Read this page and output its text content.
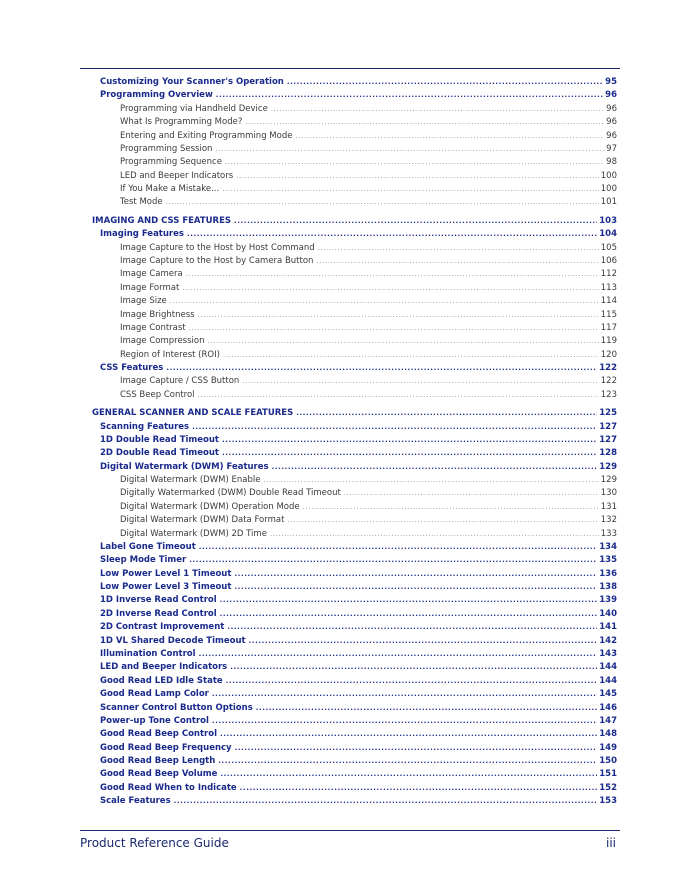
Customizing Your Scanner's Operation .....	95
Programming Overview .....	96
Programming via Handheld Device .....	96
What Is Programming Mode? .....	96
Entering and Exiting Programming Mode .....	96
Programming Session .....	97
Programming Sequence .....	98
LED and Beeper Indicators .....	100
If You Make a Mistake... .....	100
Test Mode .....	101
IMAGING AND CSS FEATURES .....	103
Imaging Features .....	104
Image Capture to the Host by Host Command .....	105
Image Capture to the Host by Camera Button .....	106
Image Camera .....	112
Image Format .....	113
Image Size .....	114
Image Brightness .....	115
Image Contrast .....	117
Image Compression .....	119
Region of Interest (ROI) .....	120
CSS Features .....	122
Image Capture / CSS Button .....	122
CSS Beep Control .....	123
GENERAL SCANNER AND SCALE FEATURES .....	125
Scanning Features .....	127
1D Double Read Timeout .....	127
2D Double Read Timeout .....	128
Digital Watermark (DWM) Features .....	129
Digital Watermark (DWM) Enable .....	129
Digitally Watermarked (DWM) Double Read Timeout .....	130
Digital Watermark (DWM) Operation Mode .....	131
Digital Watermark (DWM) Data Format .....	132
Digital Watermark (DWM) 2D Time .....	133
Label Gone Timeout .....	134
Sleep Mode Timer .....	135
Low Power Level 1 Timeout .....	136
Low Power Level 3 Timeout .....	138
1D Inverse Read Control .....	139
2D Inverse Read Control .....	140
2D Contrast Improvement .....	141
1D VL Shared Decode Timeout .....	142
Illumination Control .....	143
LED and Beeper Indicators .....	144
Good Read LED Idle State .....	144
Good Read Lamp Color .....	145
Scanner Control Button Options .....	146
Power-up Tone Control .....	147
Good Read Beep Control .....	148
Good Read Beep Frequency .....	149
Good Read Beep Length .....	150
Good Read Beep Volume .....	151
Good Read When to Indicate .....	152
Scale Features .....	153
Product Reference Guide	iii
